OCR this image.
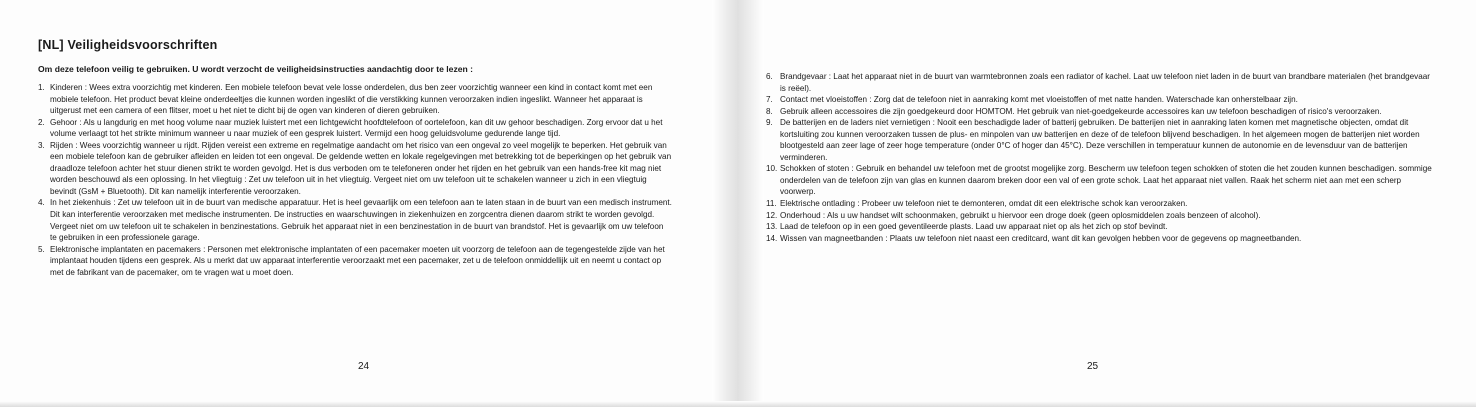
[NL] Veiligheidsvoorschriften
Om deze telefoon veilig te gebruiken. U wordt verzocht de veiligheidsinstructies aandachtig door te lezen :
1. Kinderen : Wees extra voorzichtig met kinderen. Een mobiele telefoon bevat vele losse onderdelen, dus ben zeer voorzichtig wanneer een kind in contact komt met een mobiele telefoon. Het product bevat kleine onderdeeltjes die kunnen worden ingeslikt of die verstikking kunnen veroorzaken indien ingeslikt. Wanneer het apparaat is uitgerust met een camera of een flitser, moet u het niet te dicht bij de ogen van kinderen of dieren gebruiken.
2. Gehoor : Als u langdurig en met hoog volume naar muziek luistert met een lichtgewicht hoofdtelefoon of oortelefoon, kan dit uw gehoor beschadigen. Zorg ervoor dat u het volume verlaagt tot het strikte minimum wanneer u naar muziek of een gesprek luistert. Vermijd een hoog geluidsvolume gedurende lange tijd.
3. Rijden : Wees voorzichtig wanneer u rijdt. Rijden vereist een extreme en regelmatige aandacht om het risico van een ongeval zo veel mogelijk te beperken. Het gebruik van een mobiele telefoon kan de gebruiker afleiden en leiden tot een ongeval. De geldende wetten en lokale regelgevingen met betrekking tot de beperkingen op het gebruik van draadloze telefoon achter het stuur dienen strikt te worden gevolgd. Het is dus verboden om te telefoneren onder het rijden en het gebruik van een hands-free kit mag niet worden beschouwd als een oplossing. In het vliegtuig : Zet uw telefoon uit in het vliegtuig. Vergeet niet om uw telefoon uit te schakelen wanneer u zich in een vliegtuig bevindt (GsM + Bluetooth). Dit kan namelijk interferentie veroorzaken.
4. In het ziekenhuis : Zet uw telefoon uit in de buurt van medische apparatuur. Het is heel gevaarlijk om een telefoon aan te laten staan in de buurt van een medisch instrument. Dit kan interferentie veroorzaken met medische instrumenten. De instructies en waarschuwingen in ziekenhuizen en zorgcentra dienen daarom strikt te worden gevolgd. Vergeet niet om uw telefoon uit te schakelen in benzinestations. Gebruik het apparaat niet in een benzinestation in de buurt van brandstof. Het is gevaarlijk om uw telefoon te gebruiken in een professionele garage.
5. Elektronische implantaten en pacemakers : Personen met elektronische implantaten of een pacemaker moeten uit voorzorg de telefoon aan de tegengestelde zijde van het implantaat houden tijdens een gesprek. Als u merkt dat uw apparaat interferentie veroorzaakt met een pacemaker, zet u de telefoon onmiddellijk uit en neemt u contact op met de fabrikant van de pacemaker, om te vragen wat u moet doen.
24
6. Brandgevaar : Laat het apparaat niet in de buurt van warmtebronnen zoals een radiator of kachel. Laat uw telefoon niet laden in de buurt van brandbare materialen (het brandgevaar is reëel).
7. Contact met vloeistoffen : Zorg dat de telefoon niet in aanraking komt met vloeistoffen of met natte handen. Waterschade kan onherstelbaar zijn.
8. Gebruik alleen accessoires die zijn goedgekeurd door HOMTOM. Het gebruik van niet-goedgekeurde accessoires kan uw telefoon beschadigen of risico's veroorzaken.
9. De batterijen en de laders niet vernietigen : Nooit een beschadigde lader of batterij gebruiken. De batterijen niet in aanraking laten komen met magnetische objecten, omdat dit kortsluiting zou kunnen veroorzaken tussen de plus- en minpolen van uw batterijen en deze of de telefoon blijvend beschadigen. In het algemeen mogen de batterijen niet worden blootgesteld aan zeer lage of zeer hoge temperature (onder 0°C of hoger dan 45°C). Deze verschillen in temperatuur kunnen de autonomie en de levensduur van de batterijen verminderen.
10. Schokken of stoten : Gebruik en behandel uw telefoon met de grootst mogelijke zorg. Bescherm uw telefoon tegen schokken of stoten die het zouden kunnen beschadigen. sommige onderdelen van de telefoon zijn van glas en kunnen daarom breken door een val of een grote schok. Laat het apparaat niet vallen. Raak het scherm niet aan met een scherp voorwerp.
11. Elektrische ontlading : Probeer uw telefoon niet te demonteren, omdat dit een elektrische schok kan veroorzaken.
12. Onderhoud : Als u uw handset wilt schoonmaken, gebruikt u hiervoor een droge doek (geen oplosmiddelen zoals benzeen of alcohol).
13. Laad de telefoon op in een goed geventileerde plasts. Laad uw apparaat niet op als het zich op stof bevindt.
14. Wissen van magneetbanden : Plaats uw telefoon niet naast een creditcard, want dit kan gevolgen hebben voor de gegevens op magneetbanden.
25
